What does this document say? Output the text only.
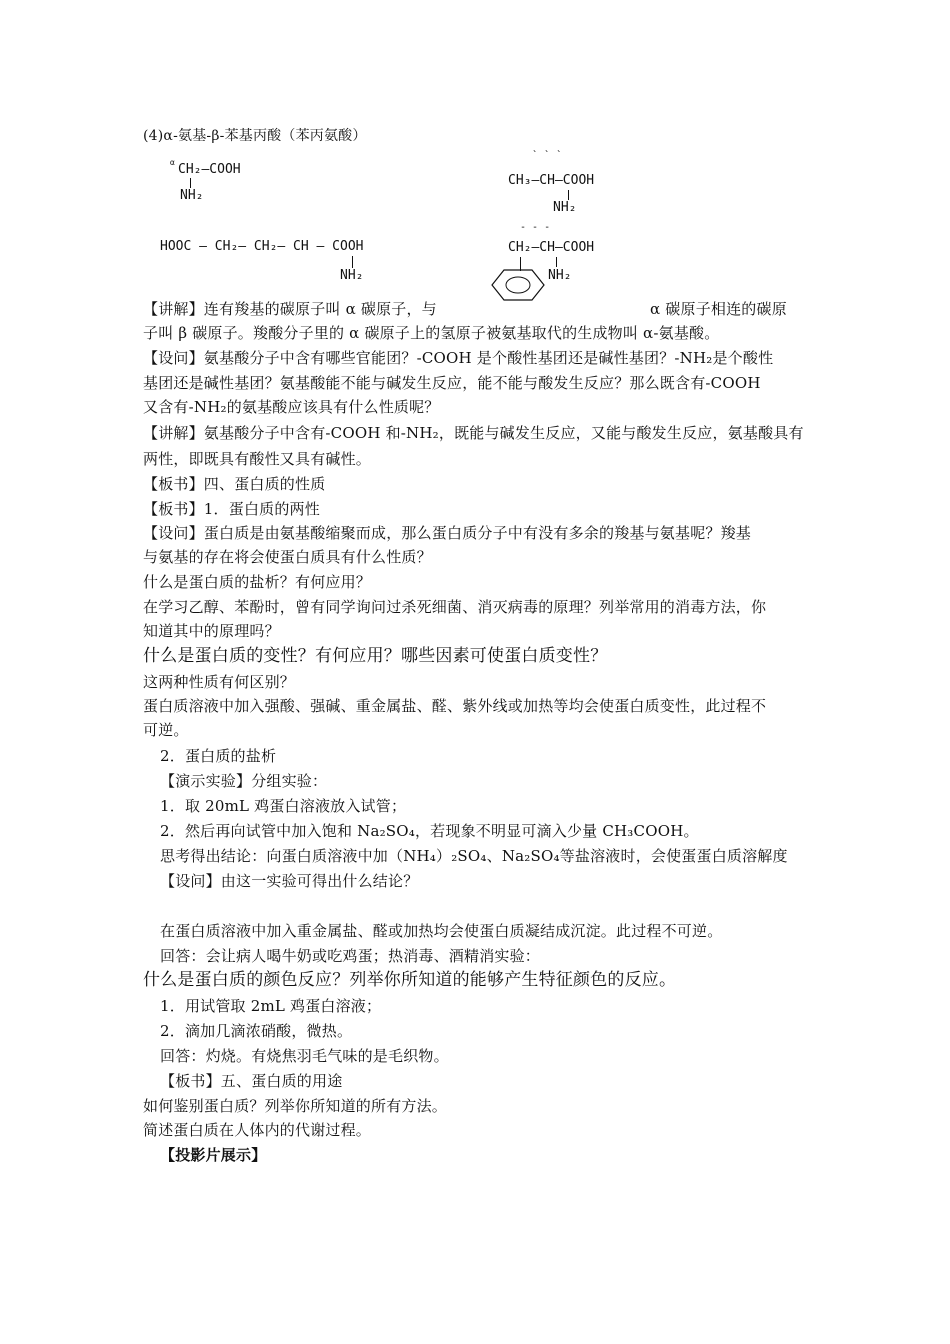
(4)α-氨基-β-苯基丙酸（苯丙氨酸）
α CH₂—COOH
NH₂
` ` `
CH₃—CH—COOH
NH₂
HOOC — CH₂— CH₂— CH — COOH
NH₂
- - -
CH₂—CH—COOH
NH₂
【讲解】连有羧基的碳原子叫 α 碳原子，与	α 碳原子相连的碳原
子叫 β 碳原子。羧酸分子里的 α 碳原子上的氢原子被氨基取代的生成物叫 α-氨基酸。
【设问】氨基酸分子中含有哪些官能团？-COOH 是个酸性基团还是碱性基团？-NH₂是个酸性
基团还是碱性基团？氨基酸能不能与碱发生反应，能不能与酸发生反应？那么既含有-COOH
又含有-NH₂的氨基酸应该具有什么性质呢？
【讲解】氨基酸分子中含有-COOH 和-NH₂，既能与碱发生反应，又能与酸发生反应，氨基酸具有
两性，即既具有酸性又具有碱性。
【板书】四、蛋白质的性质
【板书】1．蛋白质的两性
【设问】蛋白质是由氨基酸缩聚而成，那么蛋白质分子中有没有多余的羧基与氨基呢？羧基
与氨基的存在将会使蛋白质具有什么性质？
什么是蛋白质的盐析？有何应用？
在学习乙醇、苯酚时，曾有同学询问过杀死细菌、消灭病毒的原理？列举常用的消毒方法，你
知道其中的原理吗？
什么是蛋白质的变性？有何应用？哪些因素可使蛋白质变性？
这两种性质有何区别？
蛋白质溶液中加入强酸、强碱、重金属盐、醛、紫外线或加热等均会使蛋白质变性，此过程不
可逆。
2．蛋白质的盐析
【演示实验】分组实验：
1．取 20mL 鸡蛋白溶液放入试管；
2．然后再向试管中加入饱和 Na₂SO₄，若现象不明显可滴入少量 CH₃COOH。
思考得出结论：向蛋白质溶液中加（NH₄）₂SO₄、Na₂SO₄等盐溶液时，会使蛋蛋白质溶解度
【设问】由这一实验可得出什么结论？
在蛋白质溶液中加入重金属盐、醛或加热均会使蛋白质凝结成沉淀。此过程不可逆。
回答：会让病人喝牛奶或吃鸡蛋；热消毒、酒精消实验：
什么是蛋白质的颜色反应？列举你所知道的能够产生特征颜色的反应。
1．用试管取 2mL 鸡蛋白溶液；
2．滴加几滴浓硝酸，微热。
回答：灼烧。有烧焦羽毛气味的是毛织物。
【板书】五、蛋白质的用途
如何鉴别蛋白质？列举你所知道的所有方法。
简述蛋白质在人体内的代谢过程。
【投影片展示】
